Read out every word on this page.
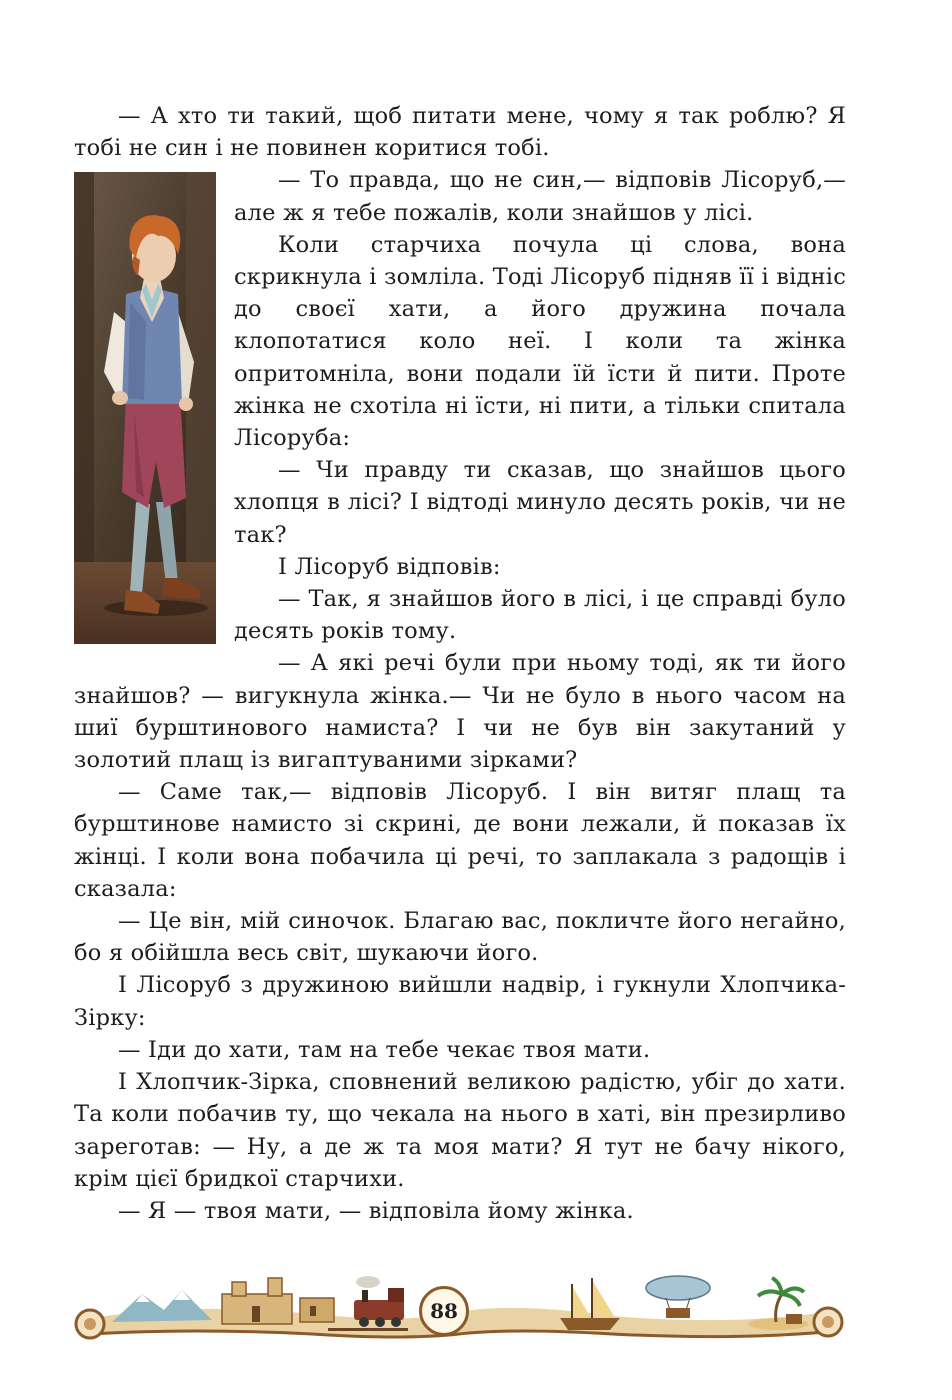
— А хто ти такий, щоб питати мене, чому я так роблю? Я тобі не син і не повинен коритися тобі.

— То правда, що не син,— відповів Лісоруб,— але ж я тебе пожалів, коли знайшов у лісі.

Коли старчиха почула ці слова, вона скрикнула і зомліла. Тоді Лісоруб підняв її і відніс до своєї хати, а його дружина почала клопотатися коло неї. І коли та жінка опритомніла, вони подали їй їсти й пити. Проте жінка не схотіла ні їсти, ні пити, а тільки спитала Лісоруба:

— Чи правду ти сказав, що знайшов цього хлопця в лісі? І відтоді минуло десять років, чи не так?

І Лісоруб відповів:

— Так, я знайшов його в лісі, і це справді було десять років тому.

— А які речі були при ньому тоді, як ти його знайшов? — вигукнула жінка.— Чи не було в нього часом на шиї бурштинового намиста? І чи не був він закутаний у золотий плащ із вигаптуваними зірками?

— Саме так,— відповів Лісоруб. І він витяг плащ та бурштинове намисто зі скрині, де вони лежали, й показав їх жінці. І коли вона побачила ці речі, то заплакала з радощів і сказала:

— Це він, мій синочок. Благаю вас, покличте його негайно, бо я обійшла весь світ, шукаючи його.

І Лісоруб з дружиною вийшли надвір, і гукнули Хлопчика-Зірку:

— Іди до хати, там на тебе чекає твоя мати.

І Хлопчик-Зірка, сповнений великою радістю, убіг до хати. Та коли побачив ту, що чекала на нього в хаті, він презирливо зареготав: — Ну, а де ж та моя мати? Я тут не бачу нікого, крім цієї бридкої старчихи.

— Я — твоя мати, — відповіла йому жінка.

88
